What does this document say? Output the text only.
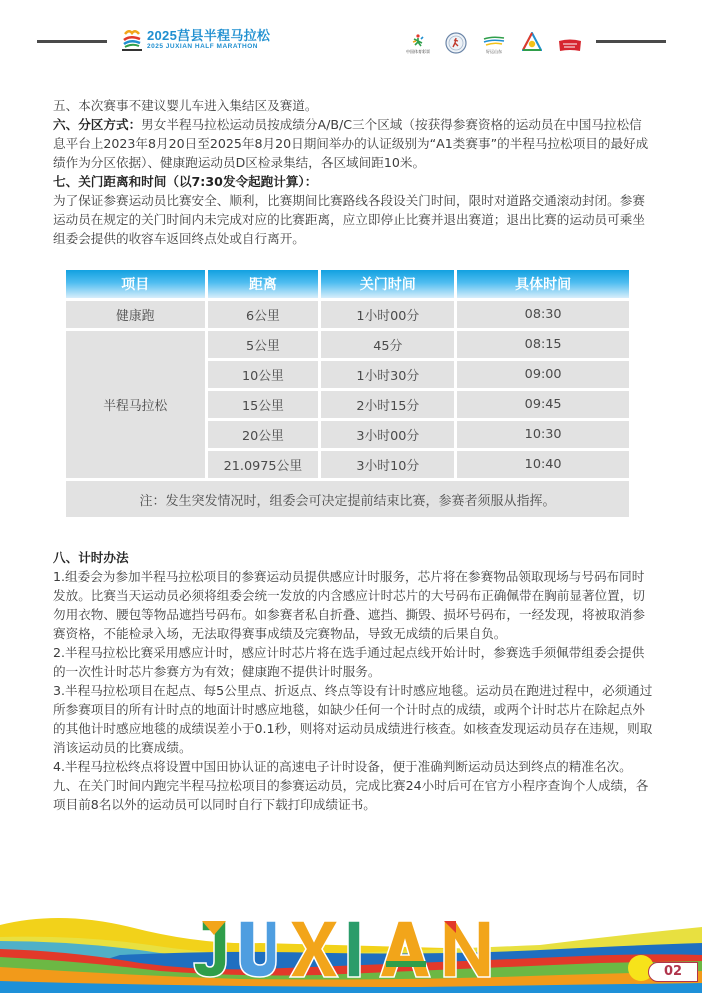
2025莒县半程马拉松
2025 JUXIAN HALF MARATHON
中国体育彩票	好运山东

五、本次赛事不建议婴儿车进入集结区及赛道。

六、分区方式：男女半程马拉松运动员按成绩分A/B/C三个区域（按获得参赛资格的运动员在中国马拉松信息平台上2023年8月20日至2025年8月20日期间举办的认证级别为“A1类赛事”的半程马拉松项目的最好成绩作为分区依据）、健康跑运动员D区检录集结，各区域间距10米。

七、关门距离和时间（以7:30发令起跑计算）：

为了保证参赛运动员比赛安全、顺利，比赛期间比赛路线各段设关门时间，限时对道路交通滚动封闭。参赛运动员在规定的关门时间内未完成对应的比赛距离，应立即停止比赛并退出赛道；退出比赛的运动员可乘坐组委会提供的收容车返回终点处或自行离开。

项目	距离	关门时间	具体时间
健康跑	6公里	1小时00分	08:30
半程马拉松	5公里	45分	08:15
	10公里	1小时30分	09:00
	15公里	2小时15分	09:45
	20公里	3小时00分	10:30
	21.0975公里	3小时10分	10:40
注：发生突发情况时，组委会可决定提前结束比赛，参赛者须服从指挥。			

八、计时办法

1.组委会为参加半程马拉松项目的参赛运动员提供感应计时服务，芯片将在参赛物品领取现场与号码布同时发放。比赛当天运动员必须将组委会统一发放的内含感应计时芯片的大号码布正确佩带在胸前显著位置，切勿用衣物、腰包等物品遮挡号码布。如参赛者私自折叠、遮挡、撕毁、损坏号码布，一经发现，将被取消参赛资格，不能检录入场，无法取得赛事成绩及完赛物品，导致无成绩的后果自负。

2.半程马拉松比赛采用感应计时，感应计时芯片将在选手通过起点线开始计时，参赛选手须佩带组委会提供的一次性计时芯片参赛方为有效；健康跑不提供计时服务。

3.半程马拉松项目在起点、每5公里点、折返点、终点等设有计时感应地毯。运动员在跑进过程中，必须通过所参赛项目的所有计时点的地面计时感应地毯，如缺少任何一个计时点的成绩，或两个计时芯片在除起点外的其他计时感应地毯的成绩误差小于0.1秒，则将对运动员成绩进行核查。如核查发现运动员存在违规，则取消该运动员的比赛成绩。

4.半程马拉松终点将设置中国田协认证的高速电子计时设备，便于准确判断运动员达到终点的精准名次。

九、在关门时间内跑完半程马拉松项目的参赛运动员，完成比赛24小时后可在官方小程序查询个人成绩，各项目前8名以外的运动员可以同时自行下载打印成绩证书。

02
